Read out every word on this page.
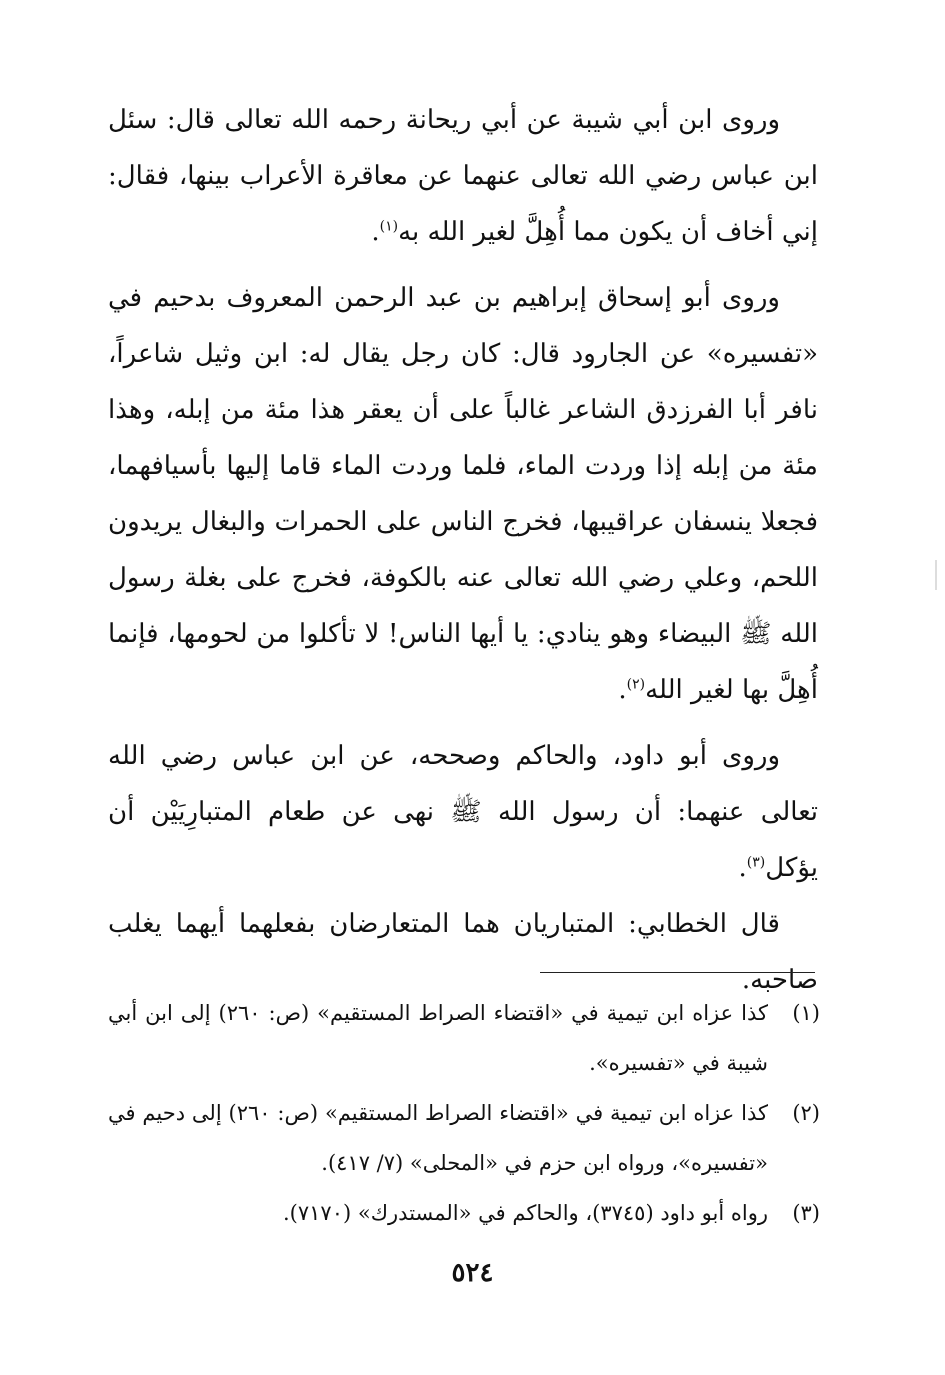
وروى ابن أبي شيبة عن أبي ريحانة رحمه الله تعالى قال: سئل ابن عباس رضي الله تعالى عنهما عن معاقرة الأعراب بينها، فقال: إني أخاف أن يكون مما أُهِلَّ لغير الله به$^{(١)}$.

وروى أبو إسحاق إبراهيم بن عبد الرحمن المعروف بدحيم في «تفسيره» عن الجارود قال: كان رجل يقال له: ابن وثيل شاعراً، نافر أبا الفرزدق الشاعر غالباً على أن يعقر هذا مئة من إبله، وهذا مئة من إبله إذا وردت الماء، فلما وردت الماء قاما إليها بأسيافهما، فجعلا ينسفان عراقيبها، فخرج الناس على الحمرات والبغال يريدون اللحم، وعلي رضي الله تعالى عنه بالكوفة، فخرج على بغلة رسول الله ﷺ البيضاء وهو ينادي: يا أيها الناس! لا تأكلوا من لحومها، فإنما أُهِلَّ بها لغير الله$^{(٢)}$.

وروى أبو داود، والحاكم وصححه، عن ابن عباس رضي الله تعالى عنهما: أن رسول الله ﷺ نهى عن طعام المتبارِيَيْن أن يؤكل$^{(٣)}$.

قال الخطابي: المتباريان هما المتعارضان بفعلهما أيهما يغلب صاحبه.

(١)
كذا عزاه ابن تيمية في «اقتضاء الصراط المستقيم» (ص: ٢٦٠) إلى ابن أبي شيبة في «تفسيره».
(٢)
كذا عزاه ابن تيمية في «اقتضاء الصراط المستقيم» (ص: ٢٦٠) إلى دحيم في «تفسيره»، ورواه ابن حزم في «المحلى» (٧/ ٤١٧).
(٣)
رواه أبو داود (٣٧٤٥)، والحاكم في «المستدرك» (٧١٧٠).
٥٢٤
